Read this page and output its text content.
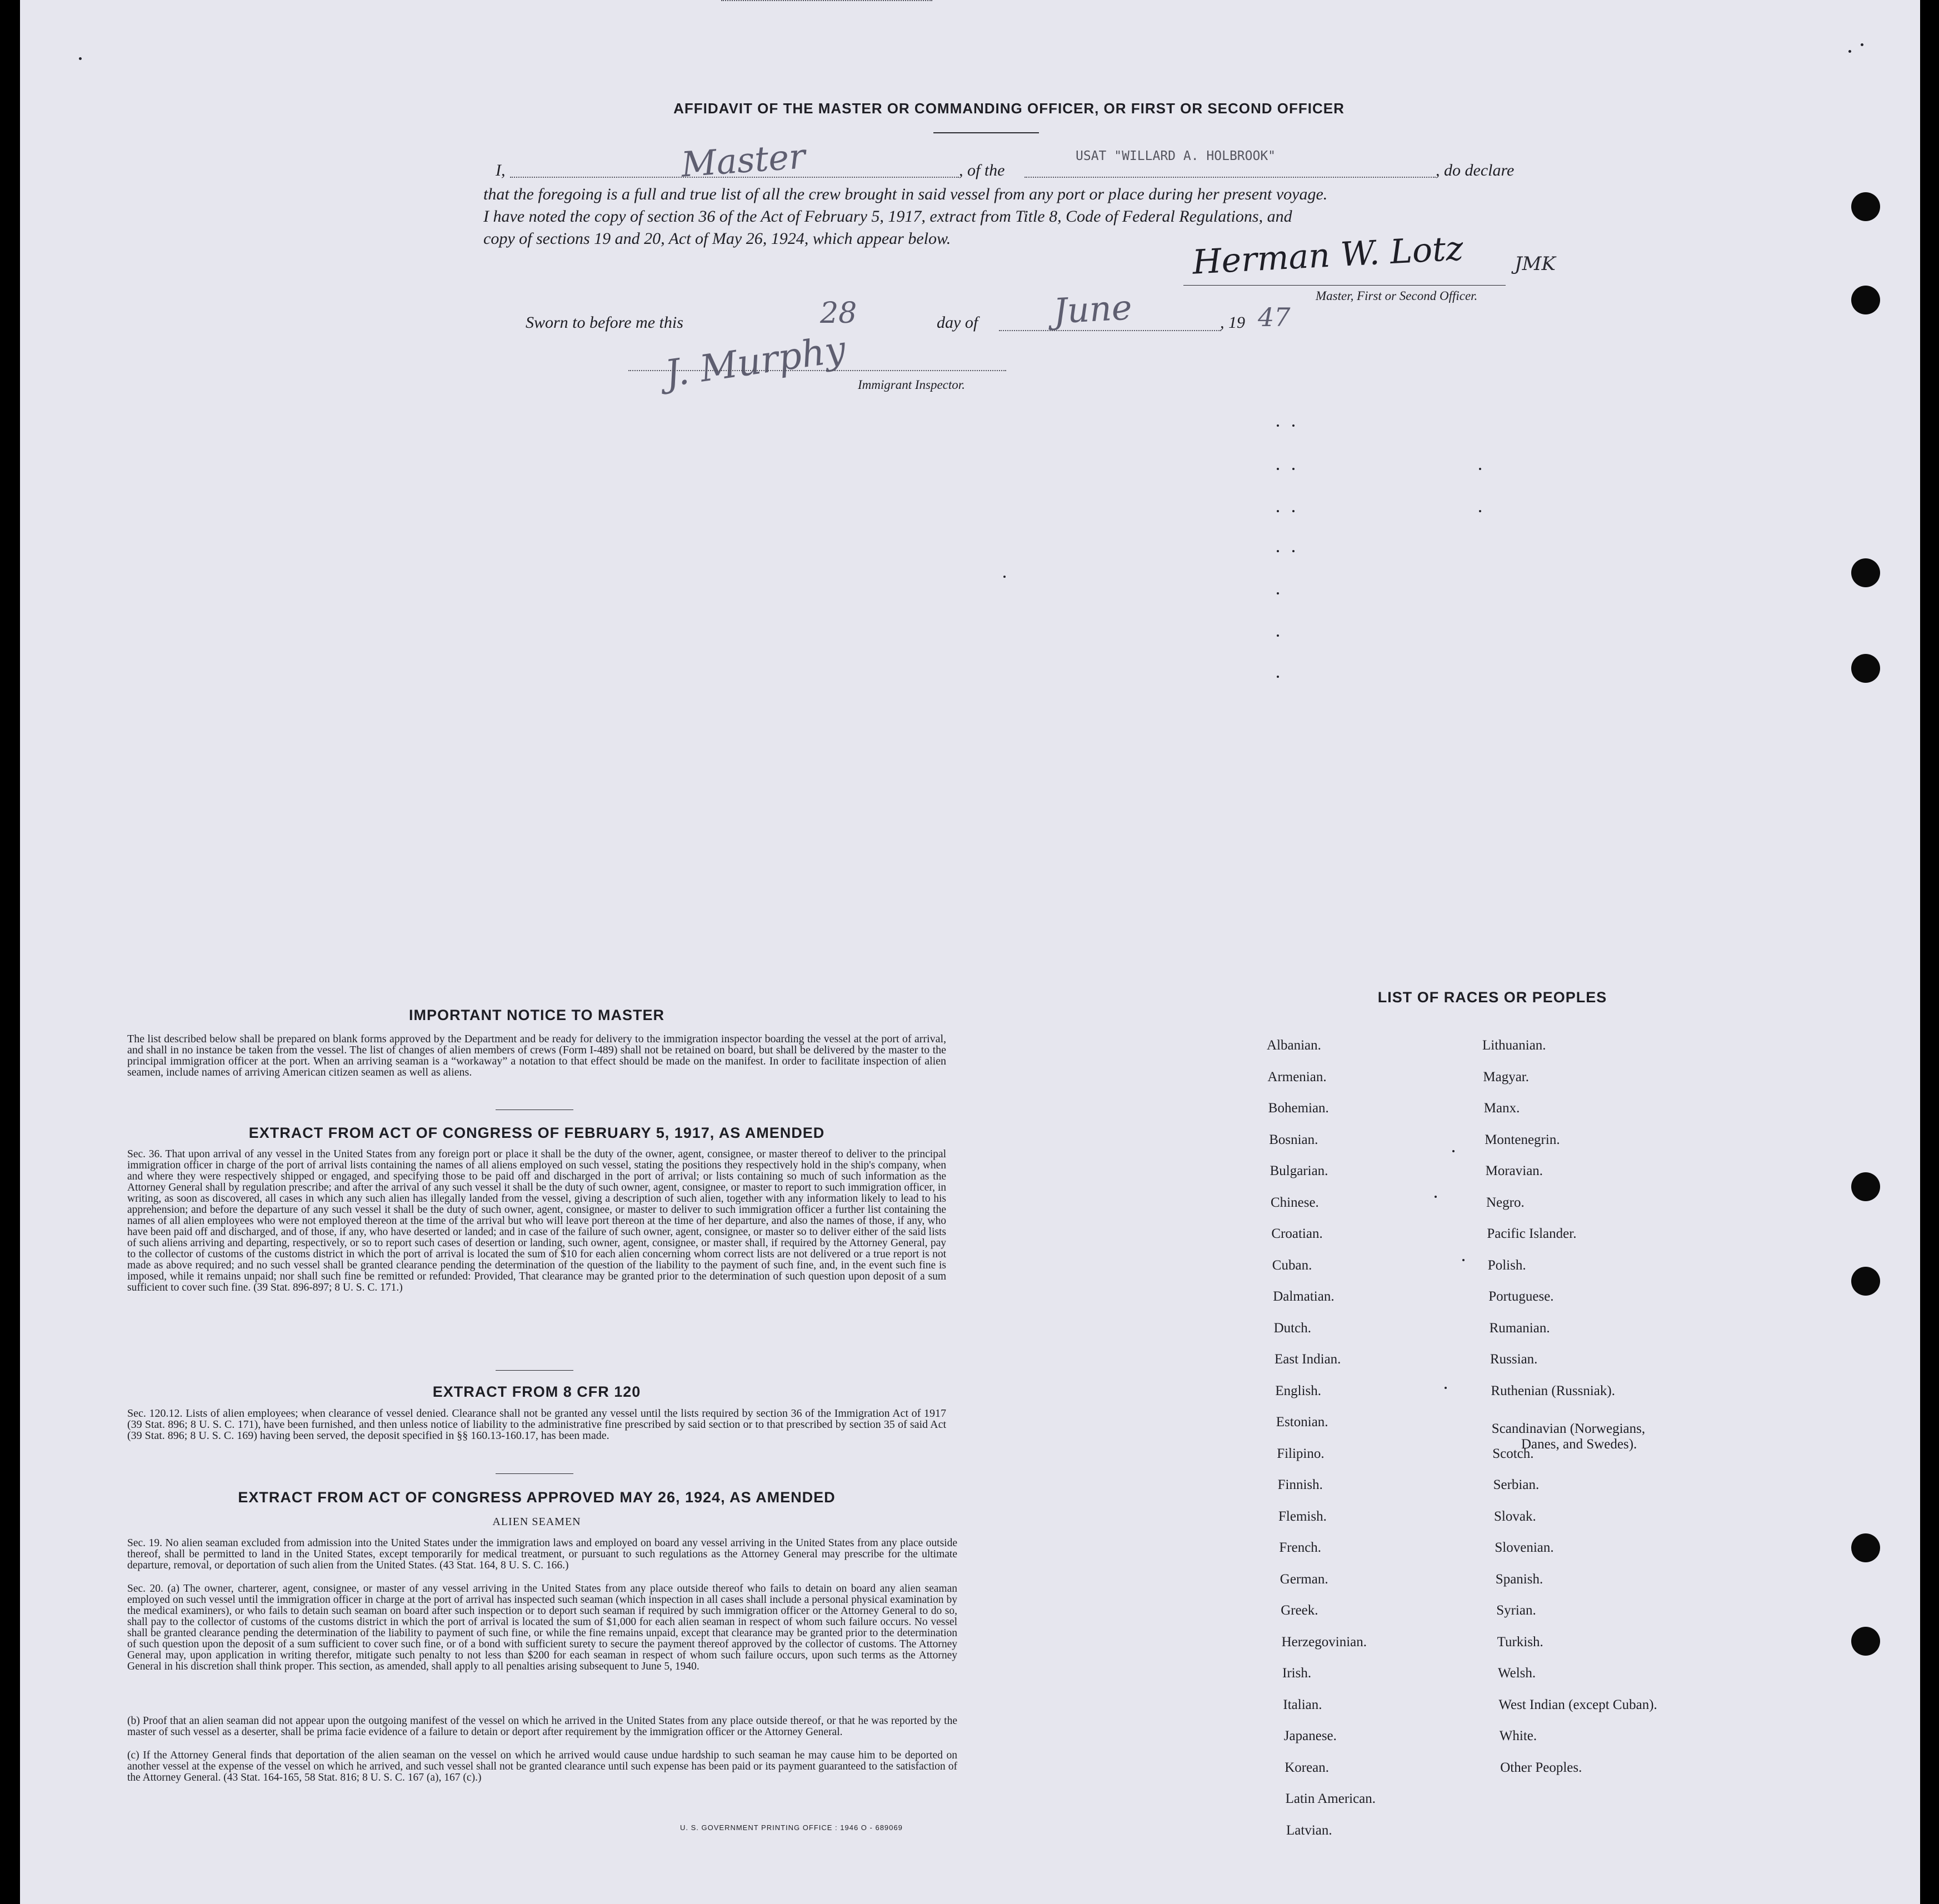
AFFIDAVIT OF THE MASTER OR COMMANDING OFFICER, OR FIRST OR SECOND OFFICER
I,	Master	, of the
USAT "WILLARD A. HOLBROOK"
, do declare
that the foregoing is a full and true list of all the crew brought in said vessel from any port or place during her present voyage.
I have noted the copy of section 36 of the Act of February 5, 1917, extract from Title 8, Code of Federal Regulations, and
copy of sections 19 and 20, Act of May 26, 1924, which appear below.	Herman W. Lotz	JMK
Master, First or Second Officer.
Sworn to before me this	28	day of June	, 19 47
J. Murphy Immigrant Inspector.
IMPORTANT NOTICE TO MASTER
The list described below shall be prepared on blank forms approved by the Department and be ready for delivery to the immigration inspector boarding the vessel at the port of arrival, and shall in no instance be taken from the vessel. The list of changes of alien members of crews (Form I-489) shall not be retained on board, but shall be delivered by the master to the principal immigration officer at the port. When an arriving seaman is a “workaway” a notation to that effect should be made on the manifest. In order to facilitate inspection of alien seamen, include names of arriving American citizen seamen as well as aliens.
EXTRACT FROM ACT OF CONGRESS OF FEBRUARY 5, 1917, AS AMENDED
Sec. 36. That upon arrival of any vessel in the United States from any foreign port or place it shall be the duty of the owner, agent, consignee, or master thereof to deliver to the principal immigration officer in charge of the port of arrival lists containing the names of all aliens employed on such vessel, stating the positions they respectively hold in the ship's company, when and where they were respectively shipped or engaged, and specifying those to be paid off and discharged in the port of arrival; or lists containing so much of such information as the Attorney General shall by regulation prescribe; and after the arrival of any such vessel it shall be the duty of such owner, agent, consignee, or master to report to such immigration officer, in writing, as soon as discovered, all cases in which any such alien has illegally landed from the vessel, giving a description of such alien, together with any information likely to lead to his apprehension; and before the departure of any such vessel it shall be the duty of such owner, agent, consignee, or master to deliver to such immigration officer a further list containing the names of all alien employees who were not employed thereon at the time of the arrival but who will leave port thereon at the time of her departure, and also the names of those, if any, who have been paid off and discharged, and of those, if any, who have deserted or landed; and in case of the failure of such owner, agent, consignee, or master so to deliver either of the said lists of such aliens arriving and departing, respectively, or so to report such cases of desertion or landing, such owner, agent, consignee, or master shall, if required by the Attorney General, pay to the collector of customs of the customs district in which the port of arrival is located the sum of $10 for each alien concerning whom correct lists are not delivered or a true report is not made as above required; and no such vessel shall be granted clearance pending the determination of the question of the liability to the payment of such fine, and, in the event such fine is imposed, while it remains unpaid; nor shall such fine be remitted or refunded: Provided, That clearance may be granted prior to the determination of such question upon deposit of a sum sufficient to cover such fine. (39 Stat. 896-897; 8 U. S. C. 171.)
EXTRACT FROM 8 CFR 120
Sec. 120.12. Lists of alien employees; when clearance of vessel denied. Clearance shall not be granted any vessel until the lists required by section 36 of the Immigration Act of 1917 (39 Stat. 896; 8 U. S. C. 171), have been furnished, and then unless notice of liability to the administrative fine prescribed by said section or to that prescribed by section 35 of said Act (39 Stat. 896; 8 U. S. C. 169) having been served, the deposit specified in §§ 160.13-160.17, has been made.
EXTRACT FROM ACT OF CONGRESS APPROVED MAY 26, 1924, AS AMENDED
ALIEN SEAMEN
Sec. 19. No alien seaman excluded from admission into the United States under the immigration laws and employed on board any vessel arriving in the United States from any place outside thereof, shall be permitted to land in the United States, except temporarily for medical treatment, or pursuant to such regulations as the Attorney General may prescribe for the ultimate departure, removal, or deportation of such alien from the United States. (43 Stat. 164, 8 U. S. C. 166.)
Sec. 20. (a) The owner, charterer, agent, consignee, or master of any vessel arriving in the United States from any place outside thereof who fails to detain on board any alien seaman employed on such vessel until the immigration officer in charge at the port of arrival has inspected such seaman (which inspection in all cases shall include a personal physical examination by the medical examiners), or who fails to detain such seaman on board after such inspection or to deport such seaman if required by such immigration officer or the Attorney General to do so, shall pay to the collector of customs of the customs district in which the port of arrival is located the sum of $1,000 for each alien seaman in respect of whom such failure occurs. No vessel shall be granted clearance pending the determination of the liability to payment of such fine, or while the fine remains unpaid, except that clearance may be granted prior to the determination of such question upon the deposit of a sum sufficient to cover such fine, or of a bond with sufficient surety to secure the payment thereof approved by the collector of customs. The Attorney General may, upon application in writing therefor, mitigate such penalty to not less than $200 for each seaman in respect of whom such failure occurs, upon such terms as the Attorney General in his discretion shall think proper. This section, as amended, shall apply to all penalties arising subsequent to June 5, 1940.
(b) Proof that an alien seaman did not appear upon the outgoing manifest of the vessel on which he arrived in the United States from any place outside thereof, or that he was reported by the master of such vessel as a deserter, shall be prima facie evidence of a failure to detain or deport after requirement by the immigration officer or the Attorney General.
(c) If the Attorney General finds that deportation of the alien seaman on the vessel on which he arrived would cause undue hardship to such seaman he may cause him to be deported on another vessel at the expense of the vessel on which he arrived, and such vessel shall not be granted clearance until such expense has been paid or its payment guaranteed to the satisfaction of the Attorney General. (43 Stat. 164-165, 58 Stat. 816; 8 U. S. C. 167 (a), 167 (c).)
U. S. GOVERNMENT PRINTING OFFICE : 1946 O - 689069
LIST OF RACES OR PEOPLES
Albanian.
Armenian.
Bohemian.
Bosnian.
Bulgarian.
Chinese.
Croatian.
Cuban.
Dalmatian.
Dutch.
East Indian.
English.
Estonian.
Filipino.
Finnish.
Flemish.
French.
German.
Greek.
Herzegovinian.
Irish.
Italian.
Japanese.
Korean.
Latin American.
Latvian.
Lithuanian.
Magyar.
Manx.
Montenegrin.
Moravian.
Negro.
Pacific Islander.
Polish.
Portuguese.
Rumanian.
Russian.
Ruthenian (Russniak).
Scandinavian (Norwegians,
Danes, and Swedes).
Scotch.
Serbian.
Slovak.
Slovenian.
Spanish.
Syrian.
Turkish.
Welsh.
West Indian (except Cuban).
White.
Other Peoples.
